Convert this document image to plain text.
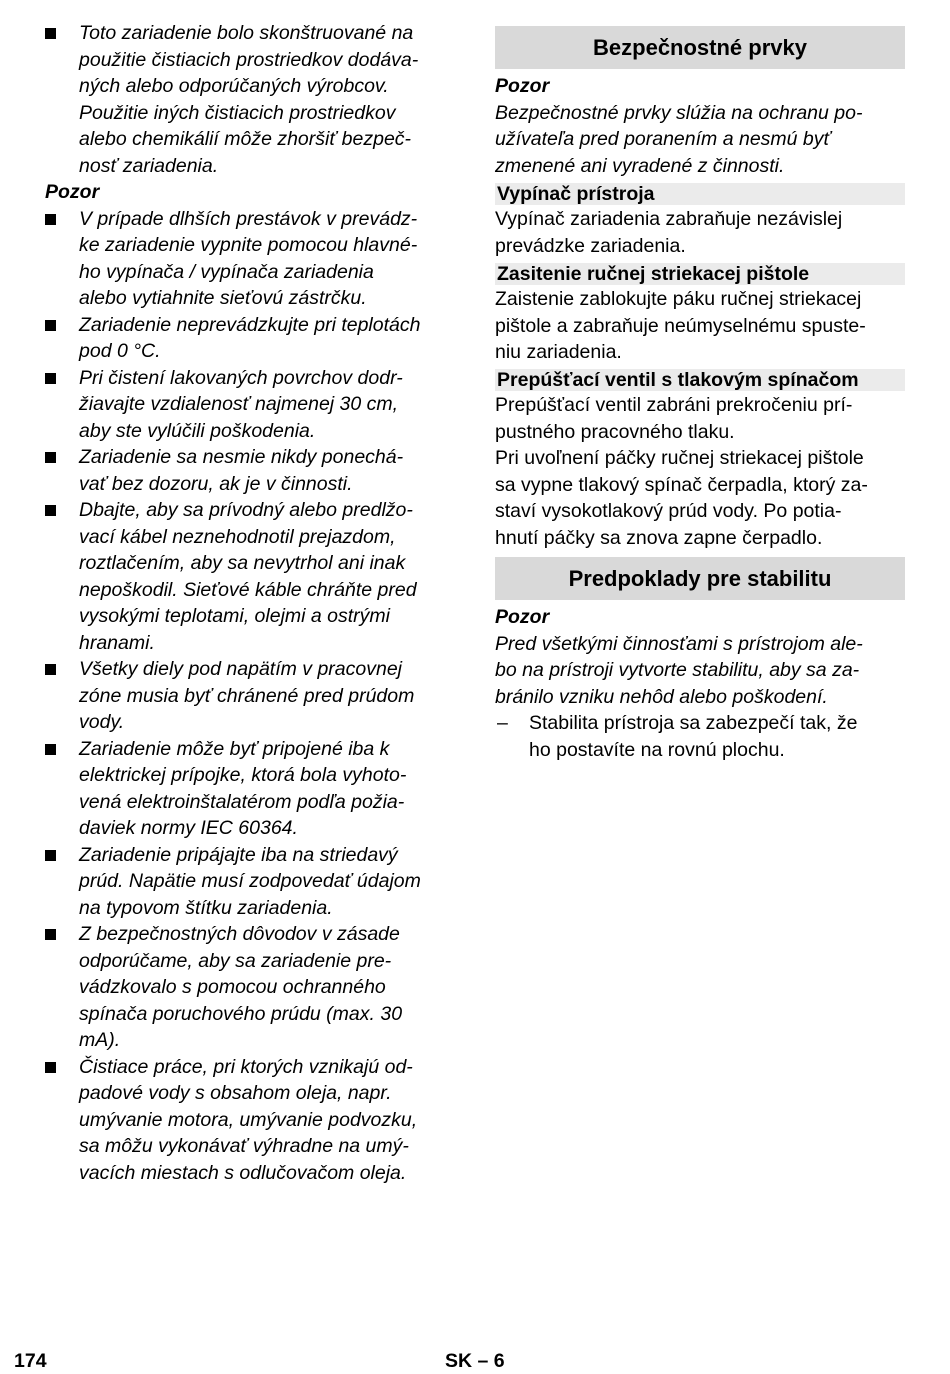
Toto zariadenie bolo skonštruované na
použitie čistiacich prostriedkov dodáva-
ných alebo odporúčaných výrobcov.
Použitie iných čistiacich prostriedkov
alebo chemikálií môže zhoršiť bezpeč-
nosť zariadenia.
Pozor
V prípade dlhších prestávok v prevádz-
ke zariadenie vypnite pomocou hlavné-
ho vypínača / vypínača zariadenia
alebo vytiahnite sieťovú zástrčku.
Zariadenie neprevádzkujte pri teplotách
pod 0 °C.
Pri čistení lakovaných povrchov dodr-
žiavajte vzdialenosť najmenej 30 cm,
aby ste vylúčili poškodenia.
Zariadenie sa nesmie nikdy ponechá-
vať bez dozoru, ak je v činnosti.
Dbajte, aby sa prívodný alebo predlžo-
vací kábel neznehodnotil prejazdom,
roztlačením, aby sa nevytrhol ani inak
nepoškodil. Sieťové káble chráňte pred
vysokými teplotami, olejmi a ostrými
hranami.
Všetky diely pod napätím v pracovnej
zóne musia byť chránené pred prúdom
vody.
Zariadenie môže byť pripojené iba k
elektrickej prípojke, ktorá bola vyhoto-
vená elektroinštalatérom podľa požia-
daviek normy IEC 60364.
Zariadenie pripájajte iba na striedavý
prúd. Napätie musí zodpovedať údajom
na typovom štítku zariadenia.
Z bezpečnostných dôvodov v zásade
odporúčame, aby sa zariadenie pre-
vádzkovalo s pomocou ochranného
spínača poruchového prúdu (max. 30
mA).
Čistiace práce, pri ktorých vznikajú od-
padové vody s obsahom oleja, napr.
umývanie motora, umývanie podvozku,
sa môžu vykonávať výhradne na umý-
vacích miestach s odlučovačom oleja.
Bezpečnostné prvky
Pozor
Bezpečnostné prvky slúžia na ochranu po-
užívateľa pred poranením a nesmú byť
zmenené ani vyradené z činnosti.
Vypínač prístroja
Vypínač zariadenia zabraňuje nezávislej
prevádzke zariadenia.
Zasitenie ručnej striekacej pištole
Zaistenie zablokujte páku ručnej striekacej
pištole a zabraňuje neúmyselnému spuste-
niu zariadenia.
Prepúšťací ventil s tlakovým spínačom
Prepúšťací ventil zabráni prekročeniu prí-
pustného pracovného tlaku.
Pri uvoľnení páčky ručnej striekacej pištole
sa vypne tlakový spínač čerpadla, ktorý za-
staví vysokotlakový prúd vody. Po potia-
hnutí páčky sa znova zapne čerpadlo.
Predpoklady pre stabilitu
Pozor
Pred všetkými činnosťami s prístrojom ale-
bo na prístroji vytvorte stabilitu, aby sa za-
bránilo vzniku nehôd alebo poškodení.
– Stabilita prístroja sa zabezpečí tak, že
ho postavíte na rovnú plochu.
174	SK – 6
